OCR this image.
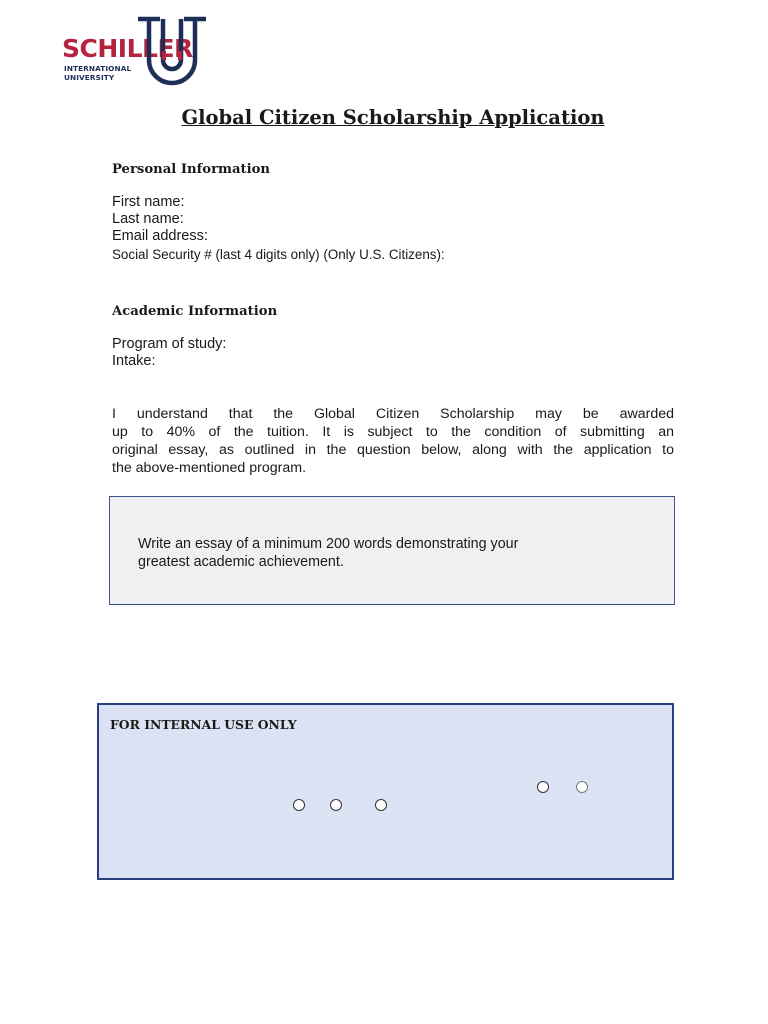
SCHILLER

INTERNATIONAL
UNIVERSITY

Global Citizen Scholarship Application
Personal Information

First name:

Last name:

Email address:

Social Security # (last 4 digits only) (Only U.S. Citizens):

Academic Information

Program of study:

Intake:

I understand that the Global Citizen Scholarship may be awarded
up to 40% of the tuition. It is subject to the condition of submitting an
original essay, as outlined in the question below, along with the application to
the above-mentioned program.

Write an essay of a minimum 200 words demonstrating your greatest academic achievement.

FOR INTERNAL USE ONLY
